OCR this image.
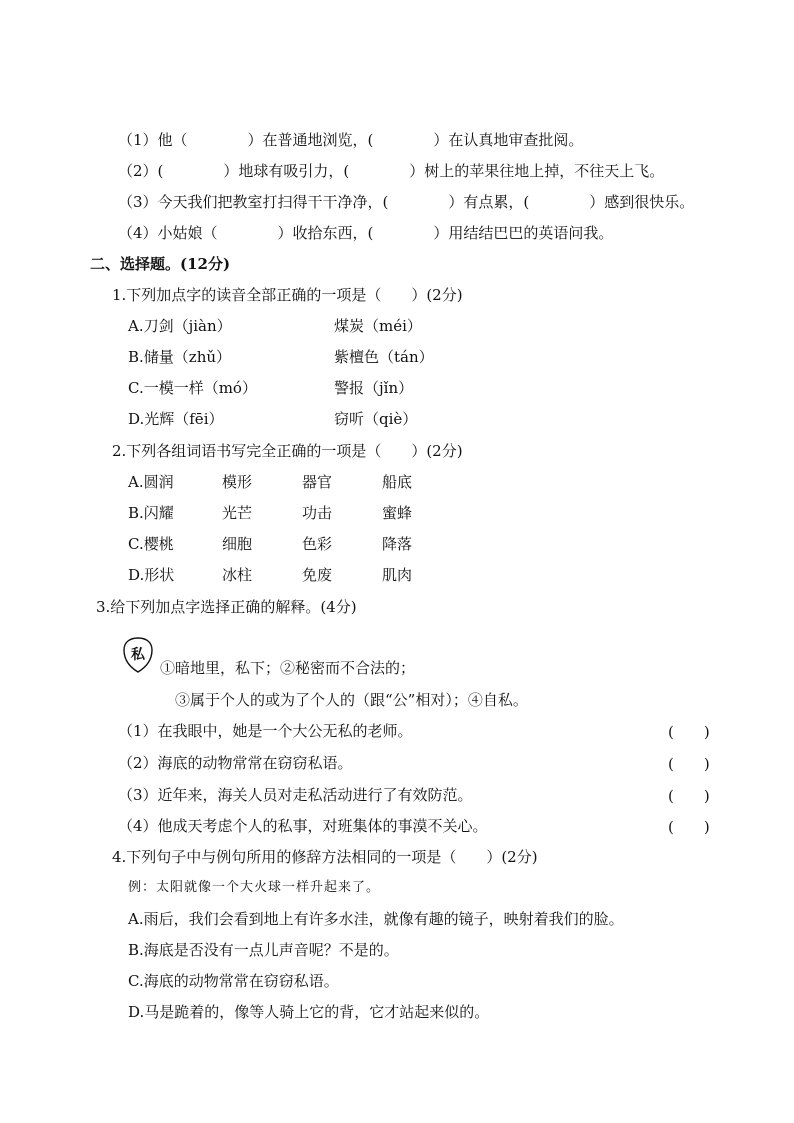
（1）他（　　　　）在普通地浏览，(　　　　）在认真地审查批阅。
（2）(　　　　）地球有吸引力，(　　　　）树上的苹果往地上掉，不往天上飞。
（3）今天我们把教室打扫得干干净净，(　　　　）有点累，(　　　　）感到很快乐。
（4）小姑娘（　　　　）收拾东西，(　　　　）用结结巴巴的英语问我。
二、选择题。(12分)
1.下列加点字的读音全部正确的一项是（　　）(2分)
A.刀剑（jiàn）	煤炭（méi）
B.储量（zhǔ）	紫檀色（tán）
C.一模一样（mó）	警报（jǐn）
D.光辉（fēi）	窃听（qiè）
2.下列各组词语书写完全正确的一项是（　　）(2分)
A.圆润	模形	器官	船底
B.闪耀	光芒	功击	蜜蜂
C.樱桃	细胞	色彩	降落
D.形状	冰柱	免废	肌肉
3.给下列加点字选择正确的解释。(4分)
私
①暗地里，私下；②秘密而不合法的；
③属于个人的或为了个人的（跟“公”相对）；④自私。
（1）在我眼中，她是一个大公无私的老师。	(　　)
（2）海底的动物常常在窃窃私语。	(　　)
（3）近年来，海关人员对走私活动进行了有效防范。	(　　)
（4）他成天考虑个人的私事，对班集体的事漠不关心。	(　　)
4.下列句子中与例句所用的修辞方法相同的一项是（　　）(2分)
例：太阳就像一个大火球一样升起来了。
A.雨后，我们会看到地上有许多水洼，就像有趣的镜子，映射着我们的脸。
B.海底是否没有一点儿声音呢？不是的。
C.海底的动物常常在窃窃私语。
D.马是跪着的，像等人骑上它的背，它才站起来似的。
